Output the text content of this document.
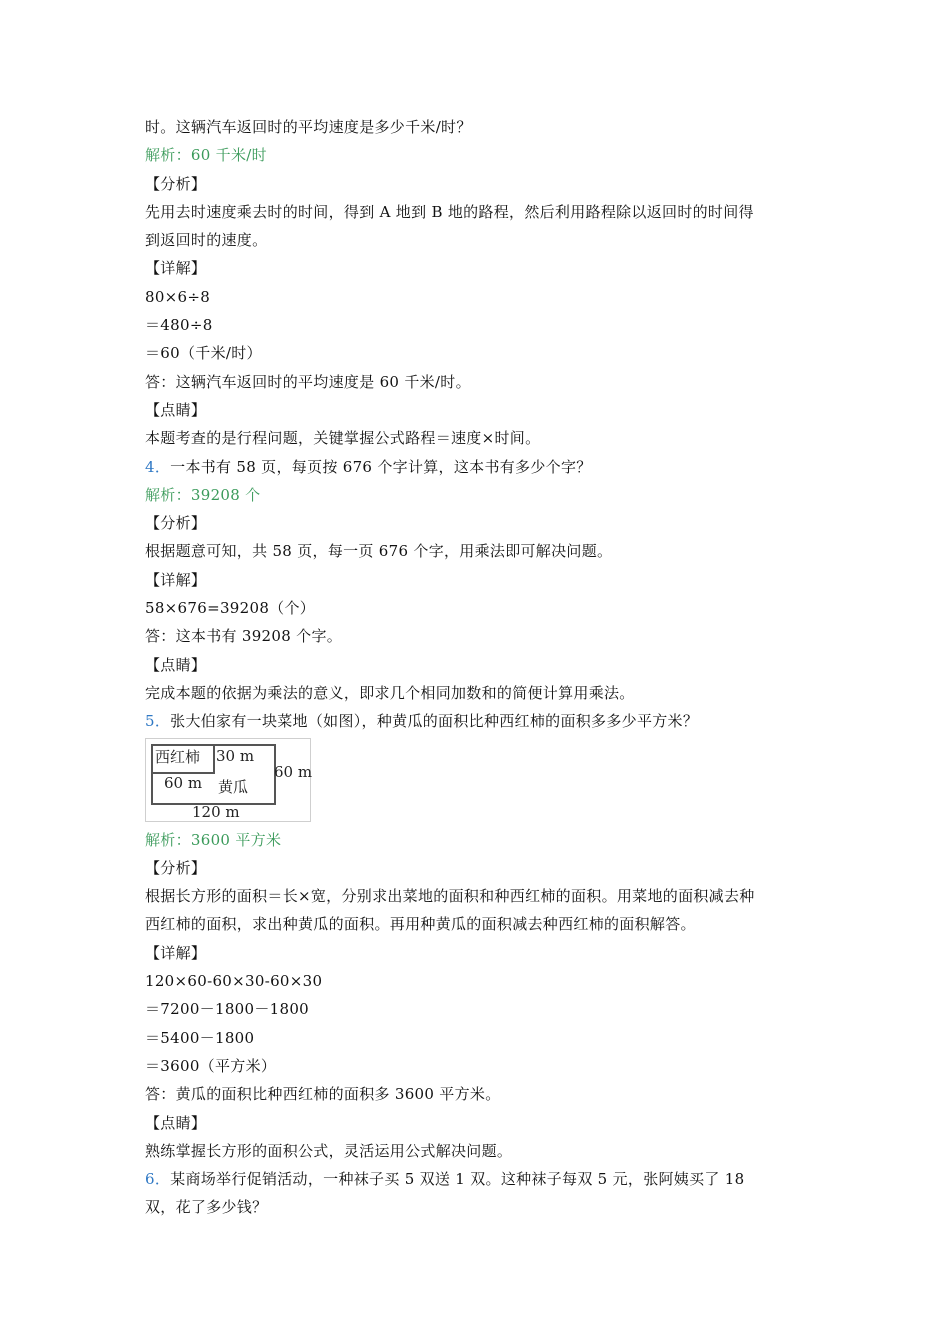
时。这辆汽车返回时的平均速度是多少千米/时？
解析：60 千米/时
【分析】
先用去时速度乘去时的时间，得到 A 地到 B 地的路程，然后利用路程除以返回时的时间得
到返回时的速度。
【详解】
80×6÷8
＝480÷8
＝60（千米/时）
答：这辆汽车返回时的平均速度是 60 千米/时。
【点睛】
本题考查的是行程问题，关键掌握公式路程＝速度×时间。
4．一本书有 58 页，每页按 676 个字计算，这本书有多少个字？
解析：39208 个
【分析】
根据题意可知，共 58 页，每一页 676 个字，用乘法即可解决问题。
【详解】
58×676=39208（个）
答：这本书有 39208 个字。
【点睛】
完成本题的依据为乘法的意义，即求几个相同加数和的简便计算用乘法。
5．张大伯家有一块菜地（如图），种黄瓜的面积比种西红柿的面积多多少平方米？
西红柿 30 m
60 m 黄瓜
60 m
120 m
解析：3600 平方米
【分析】
根据长方形的面积＝长×宽，分别求出菜地的面积和种西红柿的面积。用菜地的面积减去种
西红柿的面积，求出种黄瓜的面积。再用种黄瓜的面积减去种西红柿的面积解答。
【详解】
120×60-60×30-60×30
＝7200－1800－1800
＝5400－1800
＝3600（平方米）
答：黄瓜的面积比种西红柿的面积多 3600 平方米。
【点睛】
熟练掌握长方形的面积公式，灵活运用公式解决问题。
6．某商场举行促销活动，一种袜子买 5 双送 1 双。这种袜子每双 5 元，张阿姨买了 18
双，花了多少钱？
